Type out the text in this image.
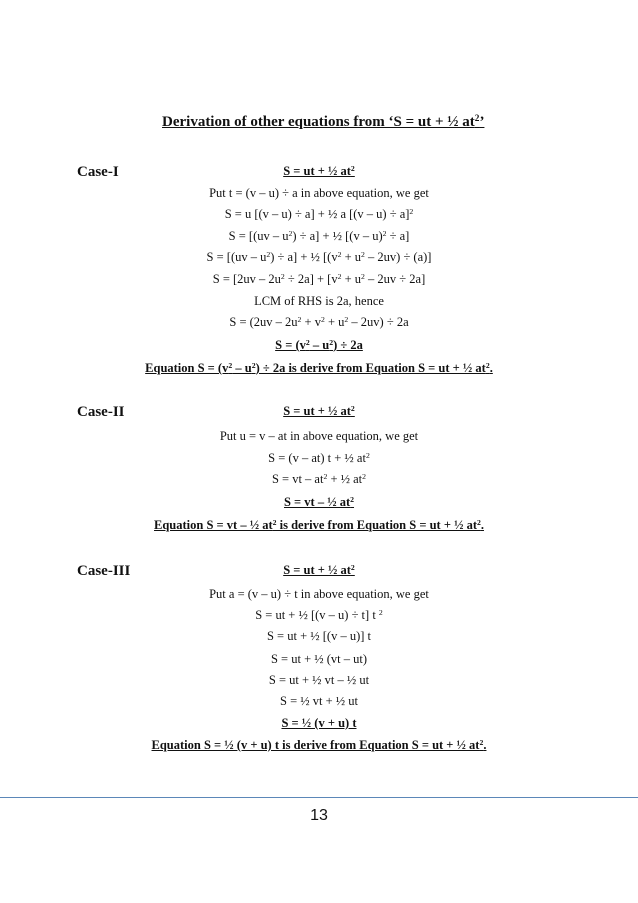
Derivation of other equations from ‘S = ut + ½ $at^2$’
Case-I
Case-II
Case-III
S = ut + ½ $at^2$
Put t = (v – u) ÷ a in above equation, we get
S = u [(v – u) ÷ a] + ½ a $[(v - u) \div a]^2$
$S = [(uv - u^2) \div a]$ + ½ [(v – u)$^2$ ÷ a]
$S = [(uv - u^2) \div a]$ + ½ $[(v^2 + u^2 - 2uv) \div (a)]$
$S = [2uv - 2u^2 \div 2a] + [v^2 + u^2 - 2uv \div 2a]$
LCM of RHS is 2a, hence
$S = (2uv - 2u^2 + v^2 + u^2 - 2uv) \div 2a$
$S = (v^2 - u^2) \div 2a$
Equation $S = (v^2 - u^2) \div 2a$ is derive from Equation S = ut + ½ $at^2$.
S = ut + ½ $at^2$
Put u = v – at in above equation, we get
S = (v – at) t + ½ $at^2$
S = vt – $at^2$ + ½ $at^2$
S = vt – ½ $at^2$
Equation S = vt – ½ $at^2$ is derive from Equation S = ut + ½ $at^2$.
S = ut + ½ $at^2$
Put a = (v – u) ÷ t in above equation, we get
S = ut + ½ [(v – u) ÷ t] t $^2$
S = ut + ½ [(v – u)] t
S = ut + ½ (vt – ut)
S = ut + ½ vt – ½ ut
S = ½ vt + ½ ut
S = ½ (v + u) t
Equation S = ½ (v + u) t is derive from Equation S = ut + ½ $at^2$.
13
